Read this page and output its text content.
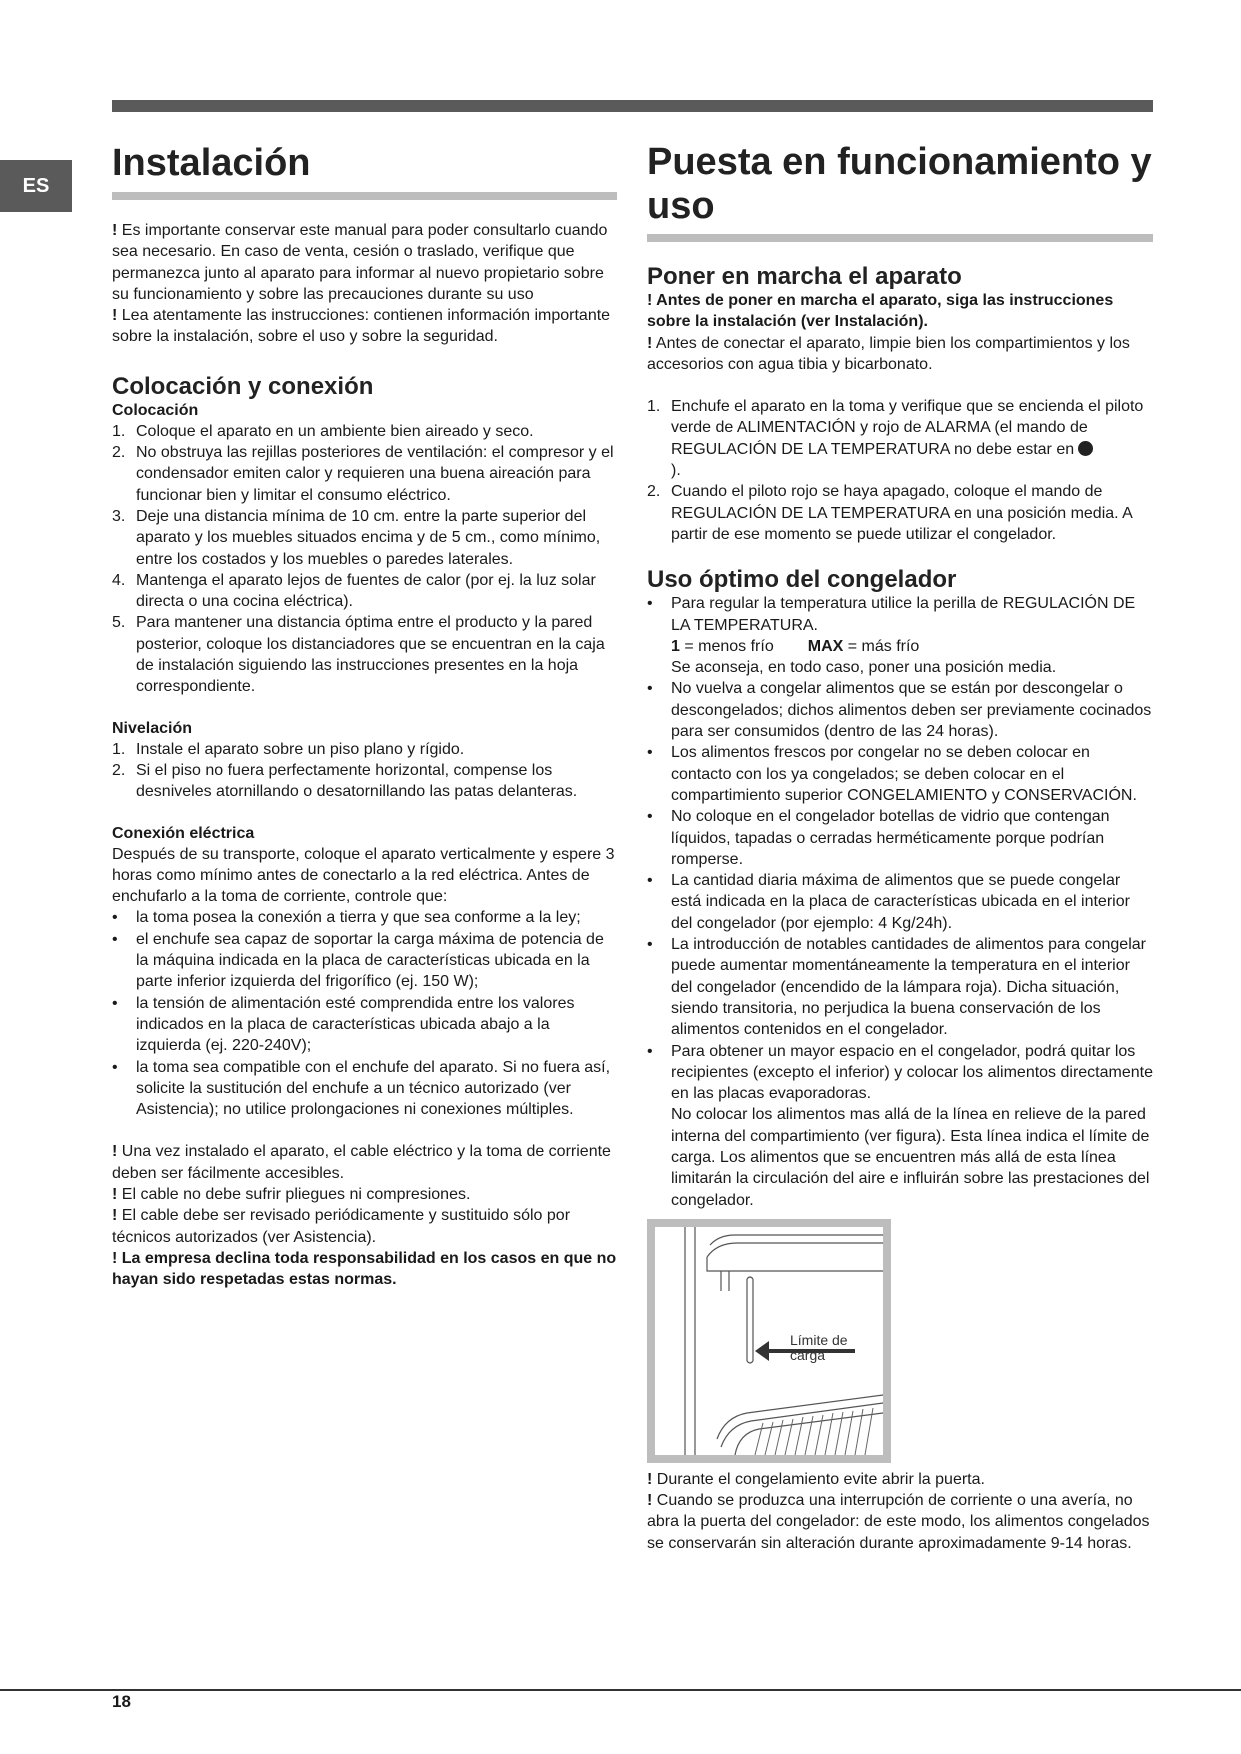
ES
Instalación

! Es importante conservar este manual para poder consultarlo cuando sea necesario. En caso de venta, cesión o traslado, verifique que permanezca junto al aparato para informar al nuevo propietario sobre su funcionamiento y sobre las precauciones durante su uso

! Lea atentamente las instrucciones: contienen información importante sobre la instalación, sobre el uso y sobre la seguridad.

Colocación y conexión
Colocación
1. Coloque el aparato en un ambiente bien aireado y seco.
2. No obstruya las rejillas posteriores de ventilación: el compresor y el condensador emiten calor y requieren una buena aireación para funcionar bien y limitar el consumo eléctrico.
3. Deje una distancia mínima de 10 cm. entre la parte superior del aparato y los muebles situados encima y de 5 cm., como mínimo, entre los costados y los muebles o paredes laterales.
4. Mantenga el aparato lejos de fuentes de calor (por ej. la luz solar directa o una cocina eléctrica).
5. Para mantener una distancia óptima entre el producto y la pared posterior, coloque los distanciadores que se encuentran en la caja de instalación siguiendo las instrucciones presentes en la hoja correspondiente.
Nivelación
1. Instale el aparato sobre un piso plano y rígido.
2. Si el piso no fuera perfectamente horizontal, compense los desniveles atornillando o desatornillando las patas delanteras.
Conexión eléctrica

Después de su transporte, coloque el aparato verticalmente y espere 3 horas como mínimo antes de conectarlo a la red eléctrica. Antes de enchufarlo a la toma de corriente, controle que:

• la toma posea la conexión a tierra y que sea conforme a la ley;
• el enchufe sea capaz de soportar la carga máxima de potencia de la máquina indicada en la placa de características ubicada en la parte inferior izquierda del frigorífico (ej. 150 W);
• la tensión de alimentación esté comprendida entre los valores indicados en la placa de características ubicada abajo a la izquierda (ej. 220-240V);
• la toma sea compatible con el enchufe del aparato. Si no fuera así, solicite la sustitución del enchufe a un técnico autorizado (ver Asistencia); no utilice prolongaciones ni conexiones múltiples.

! Una vez instalado el aparato, el cable eléctrico y la toma de corriente deben ser fácilmente accesibles.

! El cable no debe sufrir pliegues ni compresiones.

! El cable debe ser revisado periódicamente y sustituido sólo por técnicos autorizados (ver Asistencia).

! La empresa declina toda responsabilidad en los casos en que no hayan sido respetadas estas normas.

Puesta en funcionamiento y uso
Poner en marcha el aparato

! Antes de poner en marcha el aparato, siga las instrucciones sobre la instalación (ver Instalación).

! Antes de conectar el aparato, limpie bien los compartimientos y los accesorios con agua tibia y bicarbonato.

1. Enchufe el aparato en la toma y verifique que se encienda el piloto verde de ALIMENTACIÓN y rojo de ALARMA (el mando de REGULACIÓN DE LA TEMPERATURA no debe estar en
).
2. Cuando el piloto rojo se haya apagado, coloque el mando de REGULACIÓN DE LA TEMPERATURA en una posición media. A partir de ese momento se puede utilizar el congelador.
Uso óptimo del congelador
• Para regular la temperatura utilice la perilla de REGULACIÓN DE LA TEMPERATURA.
1 = menos frío MAX = más frío
Se aconseja, en todo caso, poner una posición media.
• No vuelva a congelar alimentos que se están por descongelar o descongelados; dichos alimentos deben ser previamente cocinados para ser consumidos (dentro de las 24 horas).
• Los alimentos frescos por congelar no se deben colocar en contacto con los ya congelados; se deben colocar en el compartimiento superior CONGELAMIENTO y CONSERVACIÓN.
• No coloque en el congelador botellas de vidrio que contengan líquidos, tapadas o cerradas herméticamente porque podrían romperse.
• La cantidad diaria máxima de alimentos que se puede congelar está indicada en la placa de características ubicada en el interior del congelador (por ejemplo: 4 Kg/24h).
• La introducción de notables cantidades de alimentos para congelar puede aumentar momentáneamente la temperatura en el interior del congelador (encendido de la lámpara roja). Dicha situación, siendo transitoria, no perjudica la buena conservación de los alimentos contenidos en el congelador.
• Para obtener un mayor espacio en el congelador, podrá quitar los recipientes (excepto el inferior) y colocar los alimentos directamente en las placas evaporadoras.
No colocar los alimentos mas allá de la línea en relieve de la pared interna del compartimiento (ver figura). Esta línea indica el límite de carga. Los alimentos que se encuentren más allá de esta línea limitarán la circulación del aire e influirán sobre las prestaciones del congelador.
Límite de
carga

! Durante el congelamiento evite abrir la puerta.

! Cuando se produzca una interrupción de corriente o una avería, no abra la puerta del congelador: de este modo, los alimentos congelados se conservarán sin alteración durante aproximadamente 9-14 horas.

18
